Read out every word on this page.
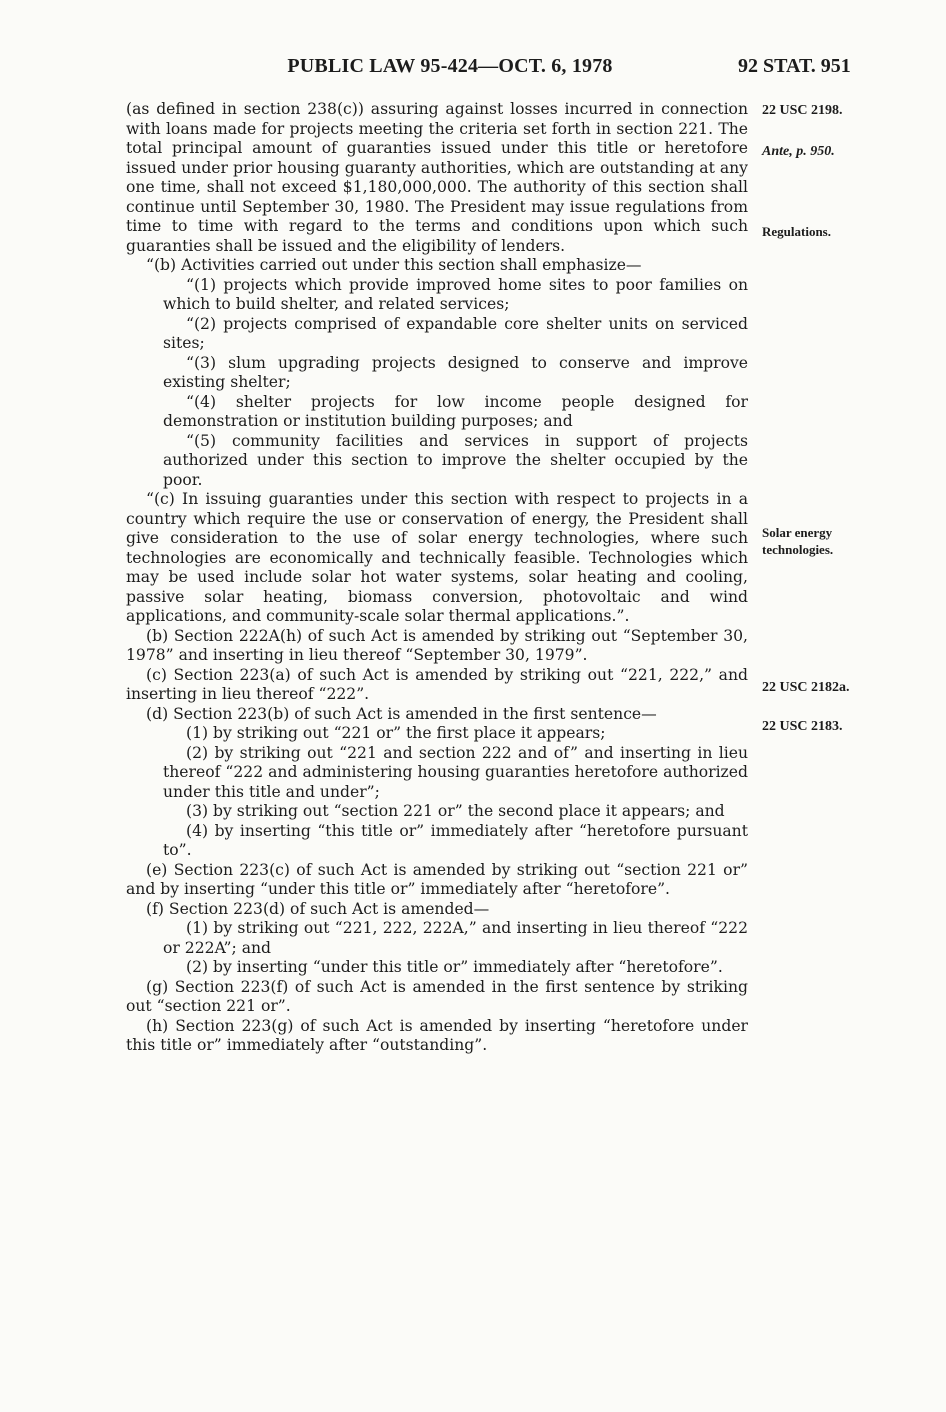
PUBLIC LAW 95-424—OCT. 6, 1978	92 STAT. 951
22 USC 2198.
Ante, p. 950.
Regulations.
Solar energy
technologies.
22 USC 2182a.
22 USC 2183.

(as defined in section 238(c)) assuring against losses incurred in connection with loans made for projects meeting the criteria set forth in section 221. The total principal amount of guaranties issued under this title or heretofore issued under prior housing guaranty authorities, which are outstanding at any one time, shall not exceed $1,180,000,000. The authority of this section shall continue until September 30, 1980. The President may issue regulations from time to time with regard to the terms and conditions upon which such guaranties shall be issued and the eligibility of lenders.

“(b) Activities carried out under this section shall emphasize—

“(1) projects which provide improved home sites to poor families on which to build shelter, and related services;

“(2) projects comprised of expandable core shelter units on serviced sites;

“(3) slum upgrading projects designed to conserve and improve existing shelter;

“(4) shelter projects for low income people designed for demonstration or institution building purposes; and

“(5) community facilities and services in support of projects authorized under this section to improve the shelter occupied by the poor.

“(c) In issuing guaranties under this section with respect to projects in a country which require the use or conservation of energy, the President shall give consideration to the use of solar energy technologies, where such technologies are economically and technically feasible. Technologies which may be used include solar hot water systems, solar heating and cooling, passive solar heating, biomass conversion, photovoltaic and wind applications, and community-scale solar thermal applications.”.

(b) Section 222A(h) of such Act is amended by striking out “September 30, 1978” and inserting in lieu thereof “September 30, 1979”.

(c) Section 223(a) of such Act is amended by striking out “221, 222,” and inserting in lieu thereof “222”.

(d) Section 223(b) of such Act is amended in the first sentence—

(1) by striking out “221 or” the first place it appears;

(2) by striking out “221 and section 222 and of” and inserting in lieu thereof “222 and administering housing guaranties heretofore authorized under this title and under”;

(3) by striking out “section 221 or” the second place it appears; and

(4) by inserting “this title or” immediately after “heretofore pursuant to”.

(e) Section 223(c) of such Act is amended by striking out “section 221 or” and by inserting “under this title or” immediately after “heretofore”.

(f) Section 223(d) of such Act is amended—

(1) by striking out “221, 222, 222A,” and inserting in lieu thereof “222 or 222A”; and

(2) by inserting “under this title or” immediately after “heretofore”.

(g) Section 223(f) of such Act is amended in the first sentence by striking out “section 221 or”.

(h) Section 223(g) of such Act is amended by inserting “heretofore under this title or” immediately after “outstanding”.
